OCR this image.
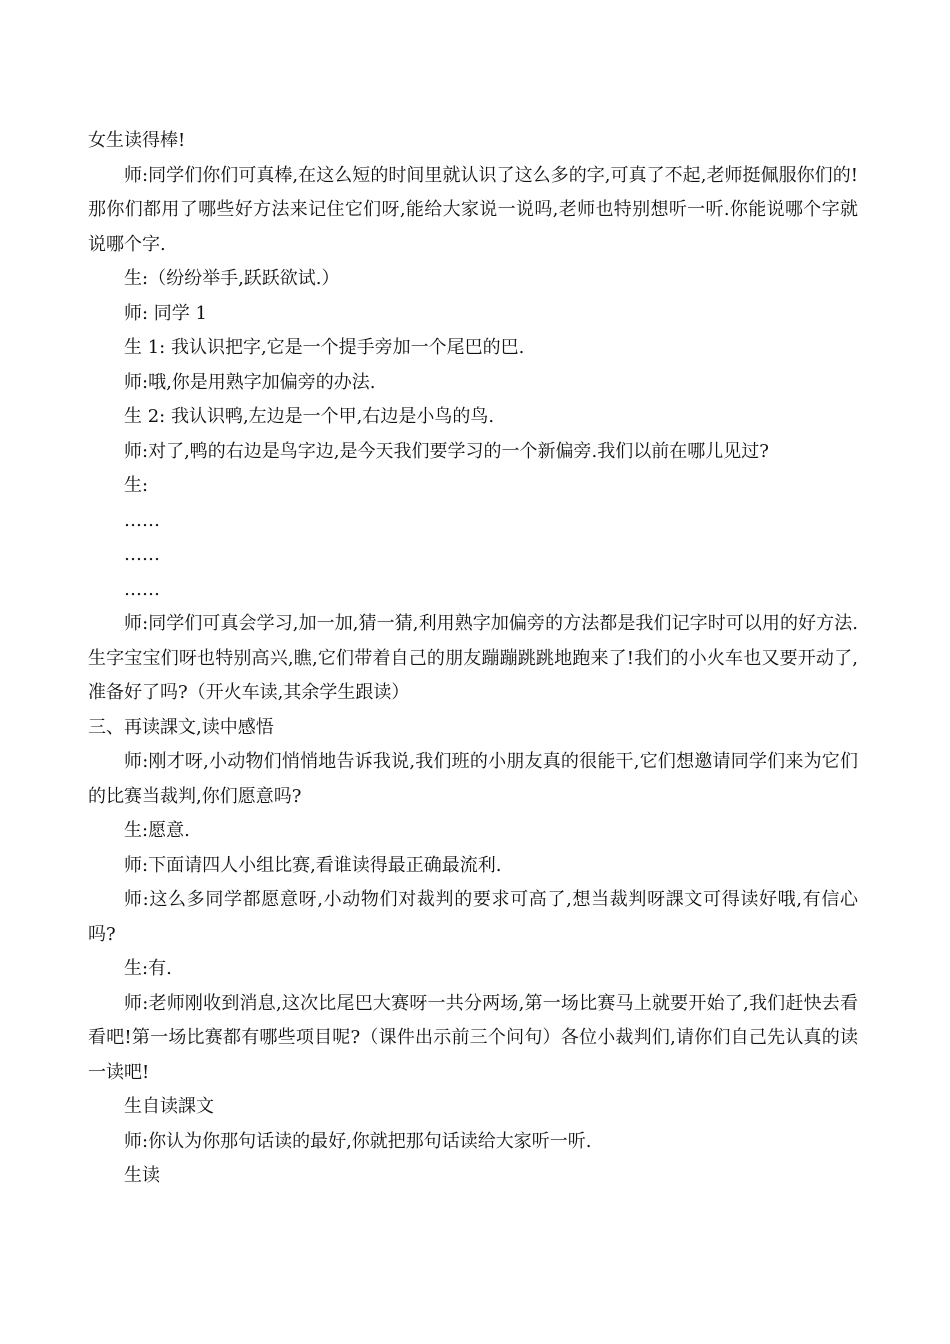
女生读得棒!

师:同学们你们可真棒,在这么短的时间里就认识了这么多的字,可真了不起,老师挺佩服你们的!那你们都用了哪些好方法来记住它们呀,能给大家说一说吗,老师也特别想听一听.你能说哪个字就说哪个字.

生:（纷纷举手,跃跃欲试.）

师: 同学 1

生 1: 我认识把字,它是一个提手旁加一个尾巴的巴.

师:哦,你是用熟字加偏旁的办法.

生 2: 我认识鸭,左边是一个甲,右边是小鸟的鸟.

师:对了,鸭的右边是鸟字边,是今天我们要学习的一个新偏旁.我们以前在哪儿见过?

生:

……

……

……

师:同学们可真会学习,加一加,猜一猜,利用熟字加偏旁的方法都是我们记字时可以用的好方法.生字宝宝们呀也特别高兴,瞧,它们带着自己的朋友蹦蹦跳跳地跑来了!我们的小火车也又要开动了,准备好了吗?（开火车读,其余学生跟读）

三、再读課文,读中感悟

师:刚才呀,小动物们悄悄地告诉我说,我们班的小朋友真的很能干,它们想邀请同学们来为它们的比赛当裁判,你们愿意吗?

生:愿意.

师:下面请四人小组比赛,看谁读得最正确最流利.

师:这么多同学都愿意呀,小动物们对裁判的要求可高了,想当裁判呀課文可得读好哦,有信心吗?

生:有.

师:老师刚收到消息,这次比尾巴大赛呀一共分两场,第一场比赛马上就要开始了,我们赶快去看看吧!第一场比赛都有哪些项目呢?（课件出示前三个问句）各位小裁判们,请你们自己先认真的读一读吧!

生自读課文

师:你认为你那句话读的最好,你就把那句话读给大家听一听.

生读
